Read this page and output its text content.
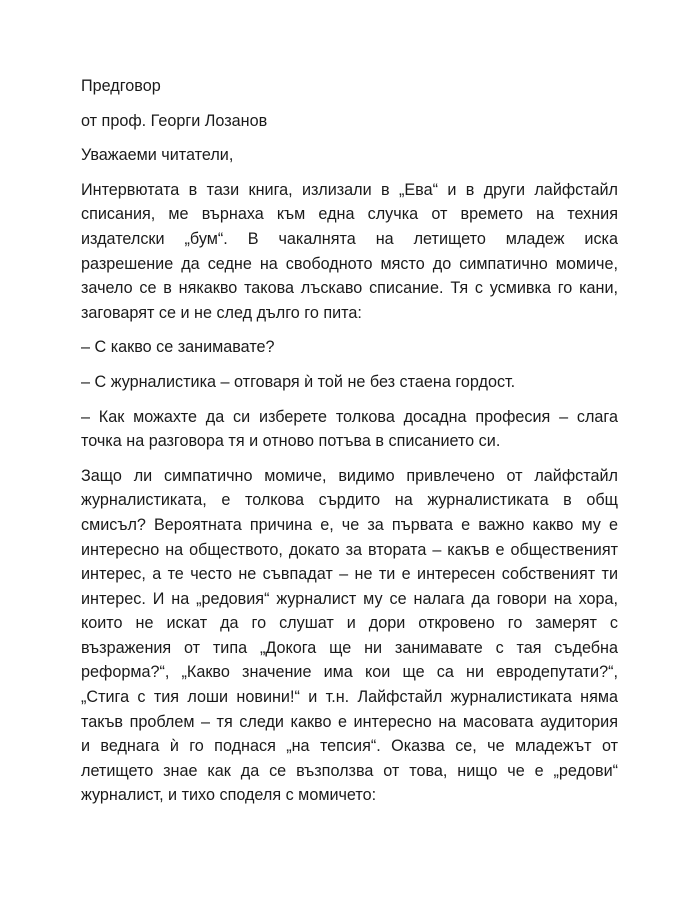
Предговор

от проф. Георги Лозанов

Уважаеми читатели,

Интервютата в тази книга, излизали в „Ева“ и в други лайфстайл
списания, ме върнаха към една случка от времето на техния
издателски „бум“. В чакалнята на летището младеж иска
разрешение да седне на свободното място до симпатично момиче,
зачело се в някакво такова лъскаво списание. Тя с усмивка го кани,
заговарят се и не след дълго го пита:

– С какво се занимавате?

– С журналистика – отговаря ѝ той не без стаена гордост.

– Как можахте да си изберете толкова досадна професия – слага
точка на разговора тя и отново потъва в списанието си.

Защо ли симпатично момиче, видимо привлечено от лайфстайл
журналистиката, е толкова сърдито на журналистиката в общ
смисъл? Вероятната причина е, че за първата е важно какво му е
интересно на обществото, докато за втората – какъв е общественият
интерес, а те често не съвпадат – не ти е интересен собственият ти
интерес. И на „редовия“ журналист му се налага да говори на хора,
които не искат да го слушат и дори откровено го замерят с
възражения от типа „Докога ще ни занимавате с тая съдебна
реформа?“, „Какво значение има кои ще са ни евродепутати?“,
„Стига с тия лоши новини!“ и т.н. Лайфстайл журналистиката няма
такъв проблем – тя следи какво е интересно на масовата аудитория
и веднага ѝ го поднася „на тепсия“. Оказва се, че младежът от
летището знае как да се възползва от това, нищо че е „редови“
журналист, и тихо споделя с момичето:
